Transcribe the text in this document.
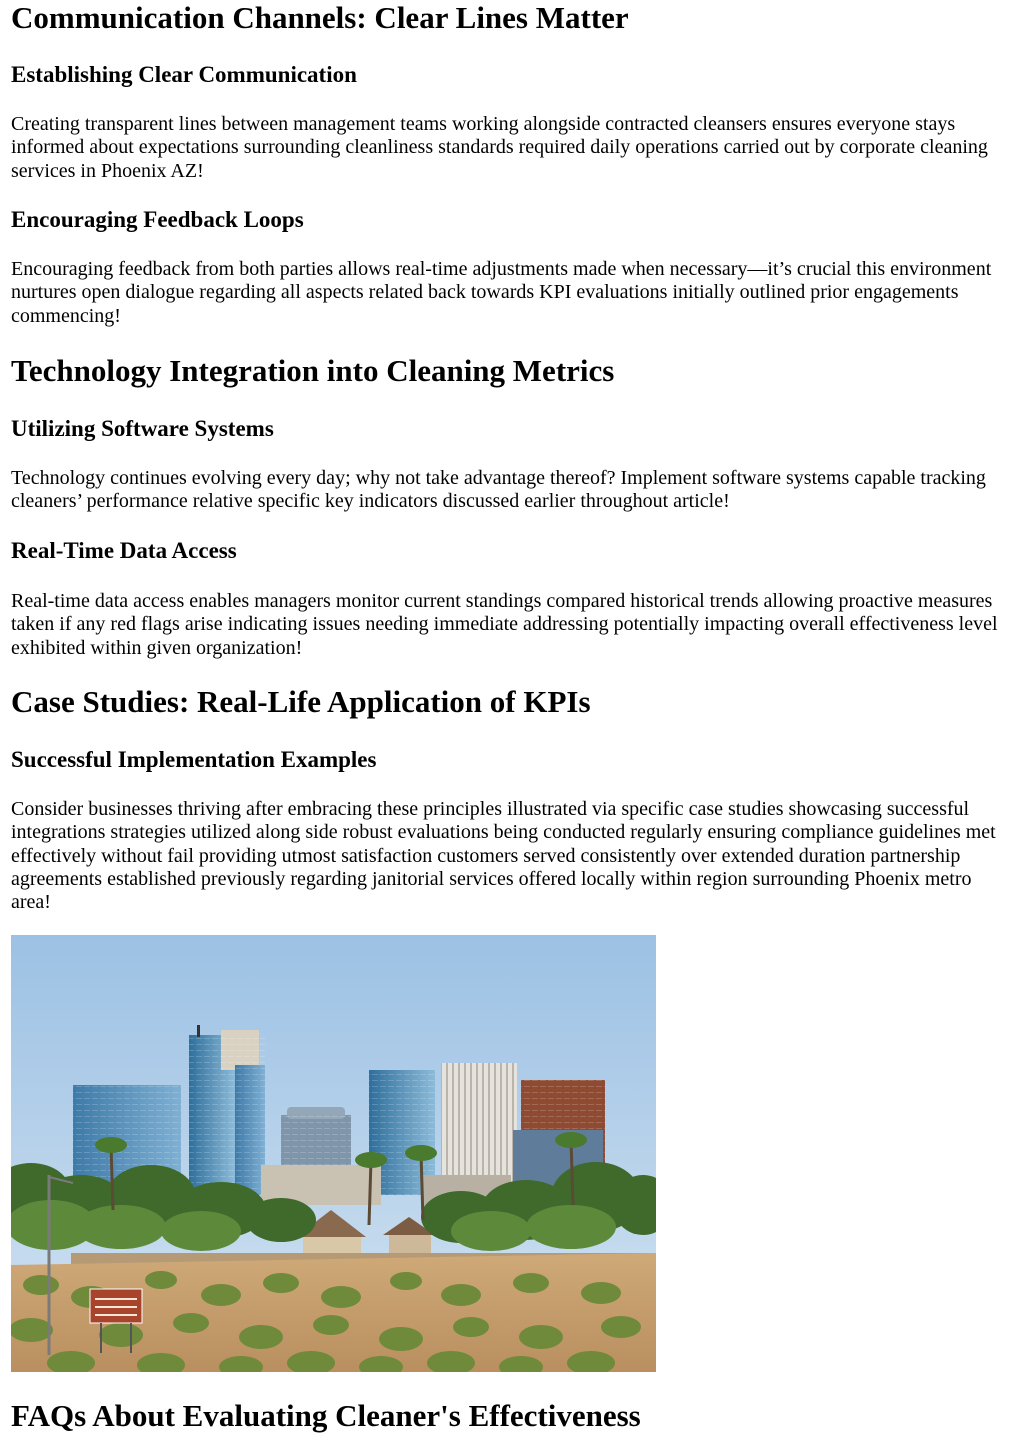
Communication Channels: Clear Lines Matter
Establishing Clear Communication

Creating transparent lines between management teams working alongside contracted cleansers ensures everyone stays informed about expectations surrounding cleanliness standards required daily operations carried out by corporate cleaning services in Phoenix AZ!

Encouraging Feedback Loops

Encouraging feedback from both parties allows real-time adjustments made when necessary—it’s crucial this environment nurtures open dialogue regarding all aspects related back towards KPI evaluations initially outlined prior engagements commencing!

Technology Integration into Cleaning Metrics
Utilizing Software Systems

Technology continues evolving every day; why not take advantage thereof? Implement software systems capable tracking cleaners’ performance relative specific key indicators discussed earlier throughout article!

Real-Time Data Access

Real-time data access enables managers monitor current standings compared historical trends allowing proactive measures taken if any red flags arise indicating issues needing immediate addressing potentially impacting overall effectiveness level exhibited within given organization!

Case Studies: Real-Life Application of KPIs
Successful Implementation Examples

Consider businesses thriving after embracing these principles illustrated via specific case studies showcasing successful integrations strategies utilized along side robust evaluations being conducted regularly ensuring compliance guidelines met effectively without fail providing utmost satisfaction customers served consistently over extended duration partnership agreements established previously regarding janitorial services offered locally within region surrounding Phoenix metro area!

FAQs About Evaluating Cleaner's Effectiveness
